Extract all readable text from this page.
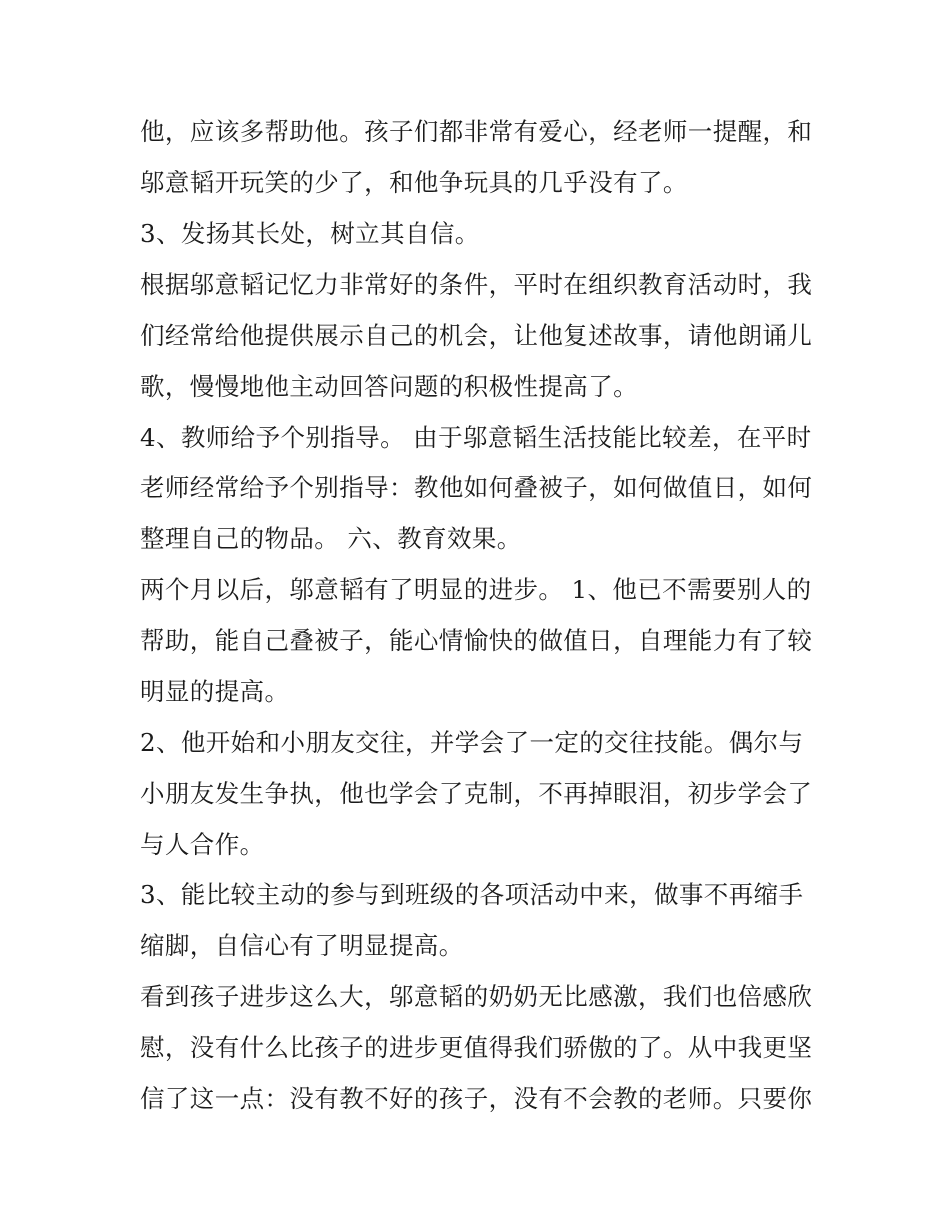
他，应该多帮助他。孩子们都非常有爱心，经老师一提醒，和
邬意韬开玩笑的少了，和他争玩具的几乎没有了。
3、发扬其长处，树立其自信。
根据邬意韬记忆力非常好的条件，平时在组织教育活动时，我
们经常给他提供展示自己的机会，让他复述故事，请他朗诵儿
歌，慢慢地他主动回答问题的积极性提高了。
4、教师给予个别指导。 由于邬意韬生活技能比较差，在平时
老师经常给予个别指导：教他如何叠被子，如何做值日，如何
整理自己的物品。 六、教育效果。
两个月以后，邬意韬有了明显的进步。 1、他已不需要别人的
帮助，能自己叠被子，能心情愉快的做值日，自理能力有了较
明显的提高。
2、他开始和小朋友交往，并学会了一定的交往技能。偶尔与
小朋友发生争执，他也学会了克制，不再掉眼泪，初步学会了
与人合作。
3、能比较主动的参与到班级的各项活动中来，做事不再缩手
缩脚，自信心有了明显提高。
看到孩子进步这么大，邬意韬的奶奶无比感激，我们也倍感欣
慰，没有什么比孩子的进步更值得我们骄傲的了。从中我更坚
信了这一点：没有教不好的孩子，没有不会教的老师。只要你
